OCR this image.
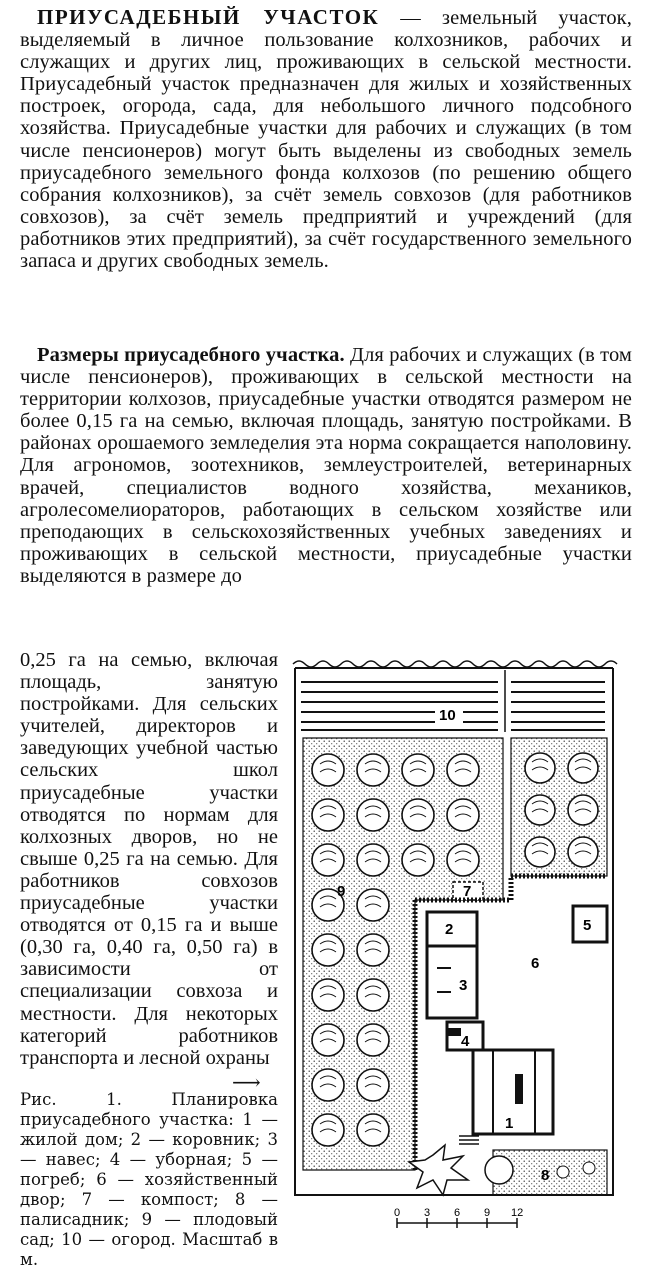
ПРИУСАДЕБНЫЙ УЧАСТОК — земельный участок, выделяемый в личное пользование колхозников, рабочих и служащих и других лиц, проживающих в сельской местности. Приусадебный участок предназначен для жилых и хозяйственных построек, огорода, сада, для небольшого личного подсобного хозяйства. Приусадебные участки для рабочих и служащих (в том числе пенсионеров) могут быть выделены из свободных земель приусадебного земельного фонда колхозов (по решению общего собрания колхозников), за счёт земель совхозов (для работников совхозов), за счёт земель предприятий и учреждений (для работников этих предприятий), за счёт государственного земельного запаса и других свободных земель.
Размеры приусадебного участка. Для рабочих и служащих (в том числе пенсионеров), проживающих в сельской местности на территории колхозов, приусадебные участки отводятся размером не более 0,15 га на семью, включая площадь, занятую постройками. В районах орошаемого земледелия эта норма сокращается наполовину. Для агрономов, зоотехников, землеустроителей, ветеринарных врачей, специалистов водного хозяйства, механиков, агролесомелиораторов, работающих в сельском хозяйстве или преподающих в сельскохозяйственных учебных заведениях и проживающих в сельской местности, приусадебные участки выделяются в размере до
0,25 га на семью, включая площадь, занятую постройками. Для сельских учителей, директоров и заведующих учебной частью сельских школ приусадебные участки отводятся по нормам для колхозных дворов, но не свыше 0,25 га на семью. Для работников совхозов приусадебные участки отводятся от 0,15 га и выше (0,30 га, 0,40 га, 0,50 га) в зависимости от специализации совхоза и местности. Для некоторых категорий работников транспорта и лесной охраны
⟶
Рис. 1. Планировка приусадебного участка: 1 — жилой дом; 2 — коровник; 3 — навес; 4 — уборная; 5 — погреб; 6 — хозяйственный двор; 7 — компост; 8 — палисадник; 9 — плодовый сад; 10 — огород. Масштаб в м.
1
2
3
4
5
6
7
8
9
10
0 3 6 9 12
